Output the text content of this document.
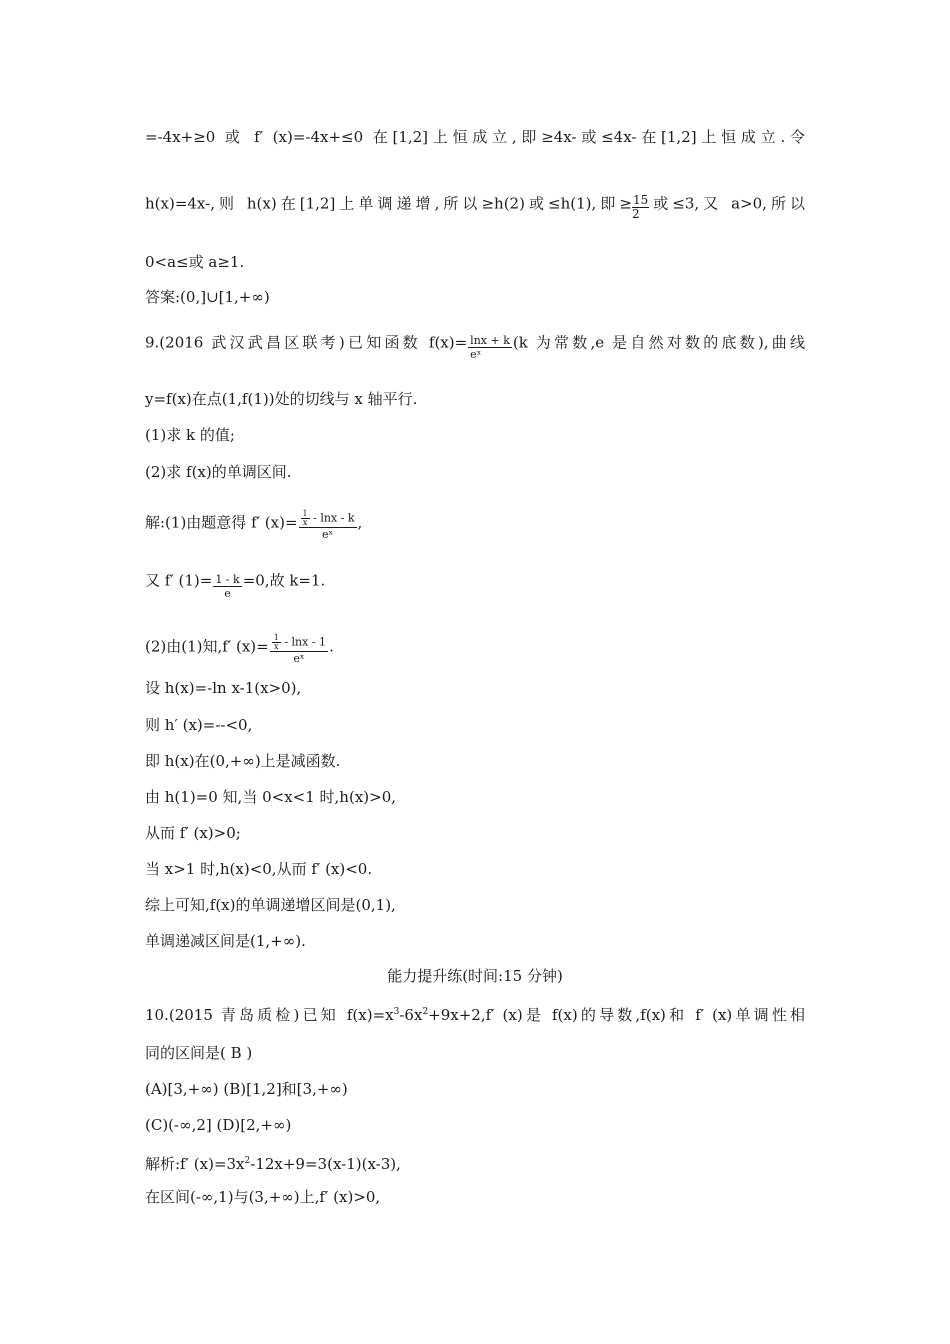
=-4x+≥0 或 f′ (x)=-4x+≤0 在[1,2]上恒成立,即≥4x-或≤4x-在[1,2]上恒成立.令
h(x)=4x-,则 h(x)在[1,2]上单调递增,所以≥h(2)或≤h(1),即≥ $\frac{15}{2}$ 或≤3,又 a>0,所以
0<a≤或 a≥1.
答案:(0,]∪[1,+∞)
9.(2016 武汉武昌区联考)已知函数 $f(x)= \frac{\ln x + k}{\text{eˣ}} (k$ 为常数,e 是自然对数的底数),曲线
y=f(x)在点(1,f(1))处的切线与 x 轴平行.
(1)求 k 的值;
(2)求 f(x)的单调区间.
解:(1)由题意得 f′ $(x)= \frac{\frac{1}{x} - \ln x - k}{\text{eˣ}}$ ,
又 f′ $(1)= \frac{1 - k}{e} =0$,故 k=1.
(2)由(1)知,f′ $(x)= \frac{\frac{1}{x} - \ln x - 1}{\text{eˣ}}$ .
设 h(x)=-ln x-1(x>0),
则 h′ (x)=--<0,
即 h(x)在(0,+∞)上是减函数.
由 h(1)=0 知,当 0<x<1 时,h(x)>0,
从而 f′ (x)>0;
当 x>1 时,h(x)<0,从而 f′ (x)<0.
综上可知,f(x)的单调递增区间是(0,1),
单调递减区间是(1,+∞).
能力提升练(时间:15 分钟)
10.(2015 青岛质检)已知 $f(x)=x^3-6x^2+9x+2,f'$ (x)是 f(x)的导数,f(x)和 f′ (x)单调性相
同的区间是( B )
(A)[3,+∞) (B)[1,2]和[3,+∞)
(C)(-∞,2] (D)[2,+∞)
解析:f′ $(x)=3x^2-12x+9=3(x-1)(x-3)$,
在区间(-∞,1)与(3,+∞)上,f′ (x)>0,
